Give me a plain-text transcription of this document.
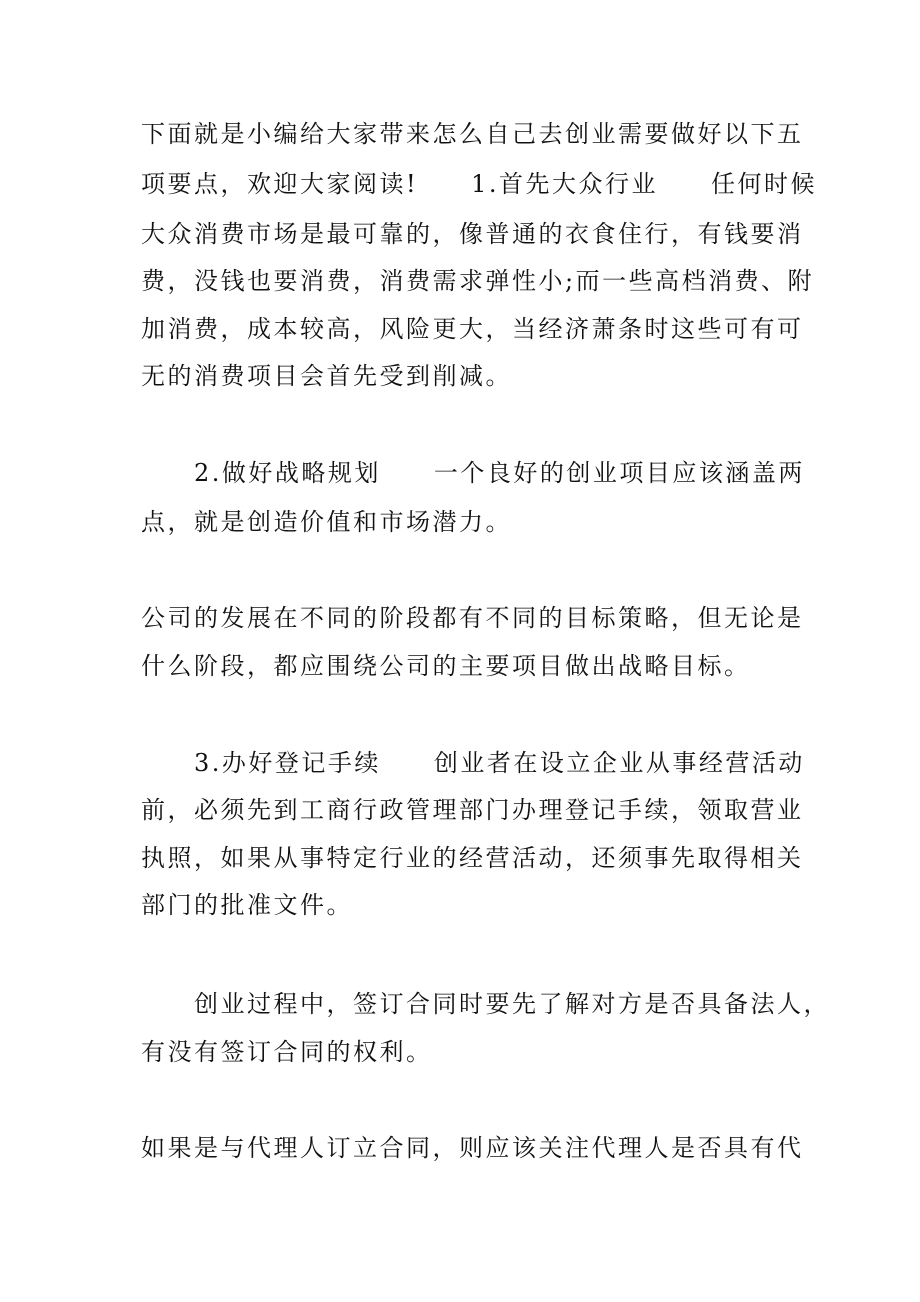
下面就是小编给大家带来怎么自己去创业需要做好以下五
项要点，欢迎大家阅读!　　1.首先大众行业　　任何时候
大众消费市场是最可靠的，像普通的衣食住行，有钱要消
费，没钱也要消费，消费需求弹性小;而一些高档消费、附
加消费，成本较高，风险更大，当经济萧条时这些可有可
无的消费项目会首先受到削减。
　　2.做好战略规划　　一个良好的创业项目应该涵盖两
点，就是创造价值和市场潜力。
公司的发展在不同的阶段都有不同的目标策略，但无论是
什么阶段，都应围绕公司的主要项目做出战略目标。
　　3.办好登记手续　　创业者在设立企业从事经营活动
前，必须先到工商行政管理部门办理登记手续，领取营业
执照，如果从事特定行业的经营活动，还须事先取得相关
部门的批准文件。
　　创业过程中，签订合同时要先了解对方是否具备法人，
有没有签订合同的权利。
如果是与代理人订立合同，则应该关注代理人是否具有代
